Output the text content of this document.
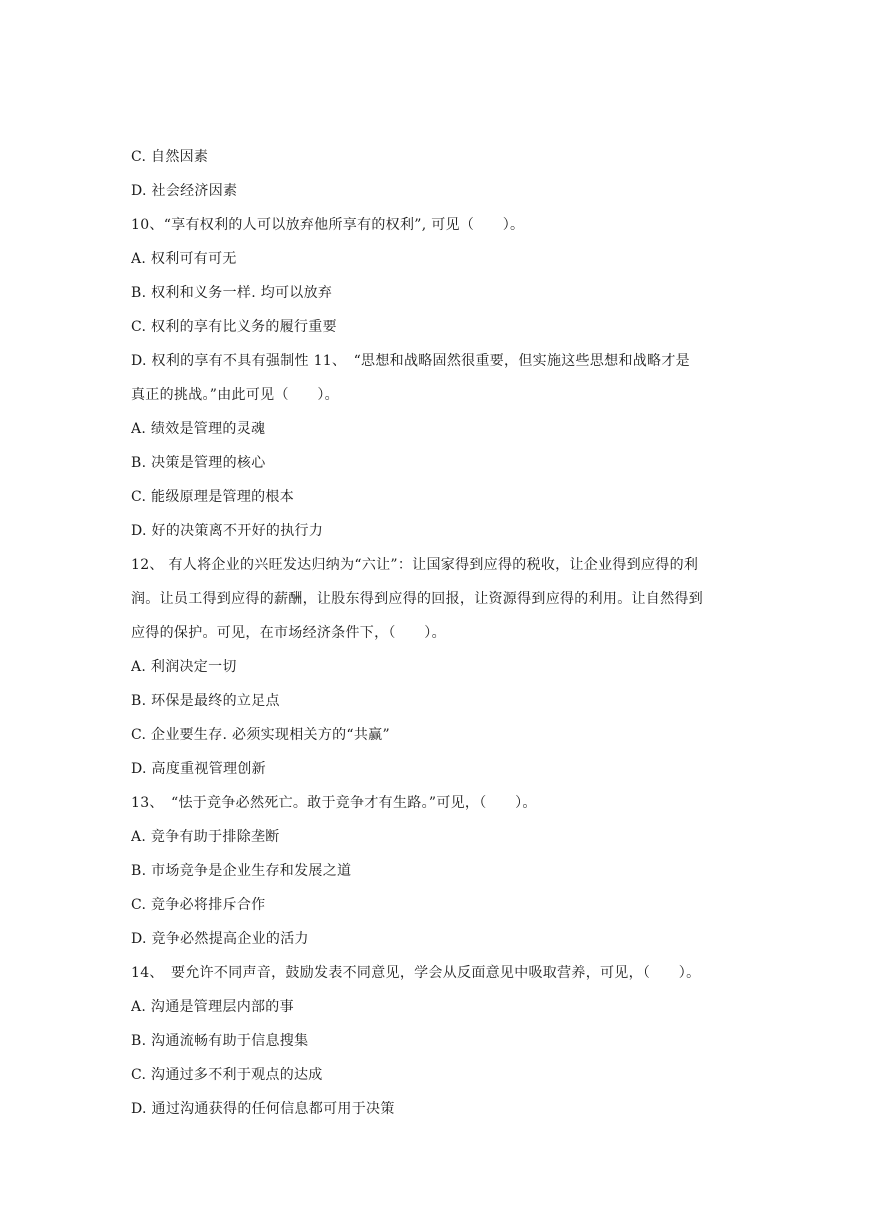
C. 自然因素
D. 社会经济因素
10、“享有权利的人可以放弃他所享有的权利”, 可见（　　）。
A. 权利可有可无
B. 权利和义务一样. 均可以放弃
C. 权利的享有比义务的履行重要
D. 权利的享有不具有强制性 11、　“思想和战略固然很重要，但实施这些思想和战略才是
真正的挑战。”由此可见（　　）。
A. 绩效是管理的灵魂
B. 决策是管理的核心
C. 能级原理是管理的根本
D. 好的决策离不开好的执行力
12、 有人将企业的兴旺发达归纳为“六让”：让国家得到应得的税收，让企业得到应得的利
润。让员工得到应得的薪酬，让股东得到应得的回报，让资源得到应得的利用。让自然得到
应得的保护。可见，在市场经济条件下，（　　）。
A. 利润决定一切
B. 环保是最终的立足点
C. 企业要生存. 必须实现相关方的“共赢”
D. 高度重视管理创新
13、　“怯于竞争必然死亡。敢于竞争才有生路。”可见，（　　）。
A. 竞争有助于排除垄断
B. 市场竞争是企业生存和发展之道
C. 竞争必将排斥合作
D. 竞争必然提高企业的活力
14、　要允许不同声音，鼓励发表不同意见，学会从反面意见中吸取营养，可见，（　　）。
A. 沟通是管理层内部的事
B. 沟通流畅有助于信息搜集
C. 沟通过多不利于观点的达成
D. 通过沟通获得的任何信息都可用于决策
